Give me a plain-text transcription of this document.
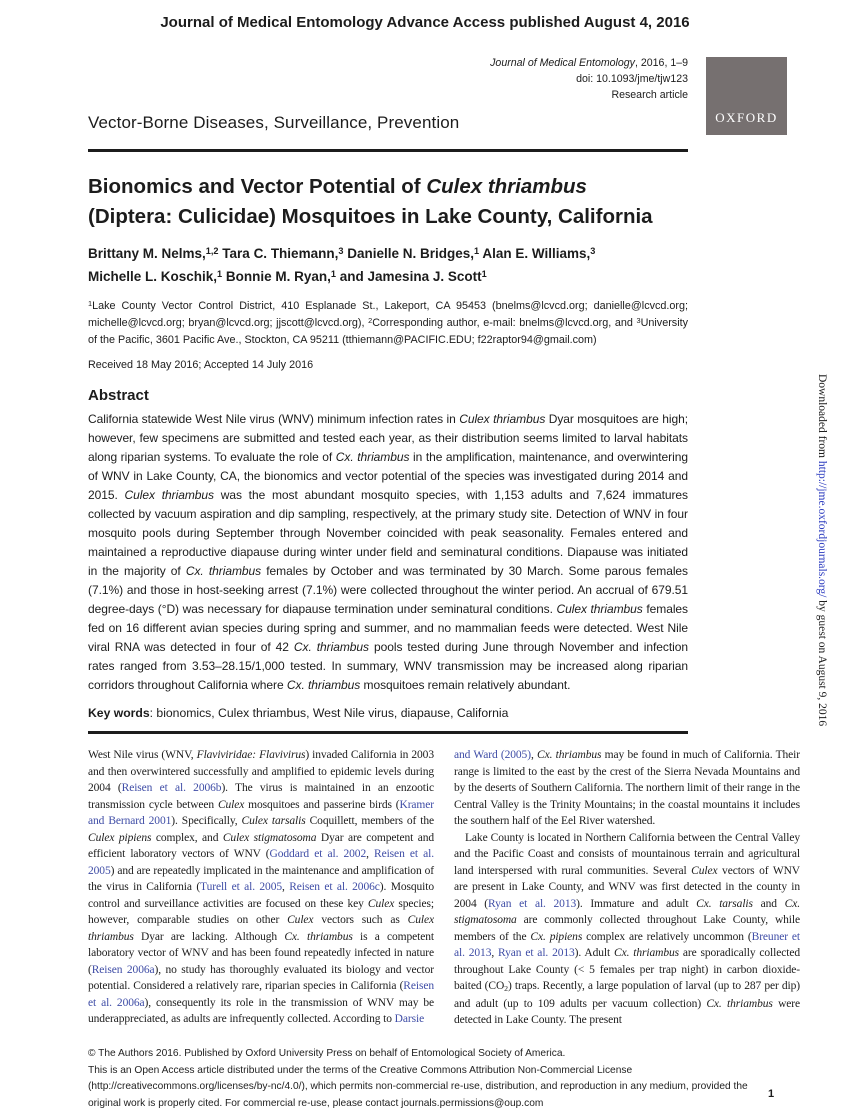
Journal of Medical Entomology Advance Access published August 4, 2016
Journal of Medical Entomology, 2016, 1–9
doi: 10.1093/jme/tjw123
Research article
Vector-Borne Diseases, Surveillance, Prevention	OXFORD
Bionomics and Vector Potential of Culex thriambus
(Diptera: Culicidae) Mosquitoes in Lake County, California
Brittany M. Nelms,$^{1,2}$ Tara C. Thiemann,$^3$ Danielle N. Bridges,$^1$ Alan E. Williams,$^3$
Michelle L. Koschik,$^1$ Bonnie M. Ryan,$^1$ and Jamesina J. Scott$^1$
$^1$Lake County Vector Control District, 410 Esplanade St., Lakeport, CA 95453 (bnelms@lcvcd.org; danielle@lcvcd.org; michelle@lcvcd.org; bryan@lcvcd.org; jjscott@lcvcd.org), $^2$Corresponding author, e-mail: bnelms@lcvcd.org, and $^3$University of the Pacific, 3601 Pacific Ave., Stockton, CA 95211 (tthiemann@PACIFIC.EDU; f22raptor94@gmail.com)
Received 18 May 2016; Accepted 14 July 2016
Abstract

California statewide West Nile virus (WNV) minimum infection rates in Culex thriambus Dyar mosquitoes are high; however, few specimens are submitted and tested each year, as their distribution seems limited to larval habitats along riparian systems. To evaluate the role of Cx. thriambus in the amplification, maintenance, and overwintering of WNV in Lake County, CA, the bionomics and vector potential of the species was investigated during 2014 and 2015. Culex thriambus was the most abundant mosquito species, with 1,153 adults and 7,624 immatures collected by vacuum aspiration and dip sampling, respectively, at the primary study site. Detection of WNV in four mosquito pools during September through November coincided with peak seasonality. Females entered and maintained a reproductive diapause during winter under field and seminatural conditions. Diapause was initiated in the majority of Cx. thriambus females by October and was terminated by 30 March. Some parous females (7.1%) and those in host-seeking arrest (7.1%) were collected throughout the winter period. An accrual of 679.51 degree-days (°D) was necessary for diapause termination under seminatural conditions. Culex thriambus females fed on 16 different avian species during spring and summer, and no mammalian feeds were detected. West Nile viral RNA was detected in four of 42 Cx. thriambus pools tested during June through November and infection rates ranged from 3.53–28.15/1,000 tested. In summary, WNV transmission may be increased along riparian corridors throughout California where Cx. thriambus mosquitoes remain relatively abundant.

Key words: bionomics, Culex thriambus, West Nile virus, diapause, California

West Nile virus (WNV, Flaviviridae: Flavivirus) invaded California in 2003 and then overwintered successfully and amplified to epidemic levels during 2004 (Reisen et al. 2006b). The virus is maintained in an enzootic transmission cycle between Culex mosquitoes and passerine birds (Kramer and Bernard 2001). Specifically, Culex tarsalis Coquillett, members of the Culex pipiens complex, and Culex stigmatosoma Dyar are competent and efficient laboratory vectors of WNV (Goddard et al. 2002, Reisen et al. 2005) and are repeatedly implicated in the maintenance and amplification of the virus in California (Turell et al. 2005, Reisen et al. 2006c). Mosquito control and surveillance activities are focused on these key Culex species; however, comparable studies on other Culex vectors such as Culex thriambus Dyar are lacking. Although Cx. thriambus is a competent laboratory vector of WNV and has been found repeatedly infected in nature (Reisen 2006a), no study has thoroughly evaluated its biology and vector potential. Considered a relatively rare, riparian species in California (Reisen et al. 2006a), consequently its role in the transmission of WNV may be underappreciated, as adults are infrequently collected. According to Darsie

and Ward (2005), Cx. thriambus may be found in much of California. Their range is limited to the east by the crest of the Sierra Nevada Mountains and by the deserts of Southern California. The northern limit of their range in the Central Valley is the Trinity Mountains; in the coastal mountains it includes the southern half of the Eel River watershed.

Lake County is located in Northern California between the Central Valley and the Pacific Coast and consists of mountainous terrain and agricultural land interspersed with rural communities. Several Culex vectors of WNV are present in Lake County, and WNV was first detected in the county in 2004 (Ryan et al. 2013). Immature and adult Cx. tarsalis and Cx. stigmatosoma are commonly collected throughout Lake County, while members of the Cx. pipiens complex are relatively uncommon (Breuner et al. 2013, Ryan et al. 2013). Adult Cx. thriambus are sporadically collected throughout Lake County (< 5 females per trap night) in carbon dioxide-baited $(CO_2)$ traps. Recently, a large population of larval (up to 287 per dip) and adult (up to 109 adults per vacuum collection) Cx. thriambus were detected in Lake County. The present

© The Authors 2016. Published by Oxford University Press on behalf of Entomological Society of America.

This is an Open Access article distributed under the terms of the Creative Commons Attribution Non-Commercial License (http://creativecommons.org/licenses/by-nc/4.0/), which permits non-commercial re-use, distribution, and reproduction in any medium, provided the original work is properly cited. For commercial re-use, please contact journals.permissions@oup.com

1
Downloaded from http://jme.oxfordjournals.org/ by guest on August 9, 2016
